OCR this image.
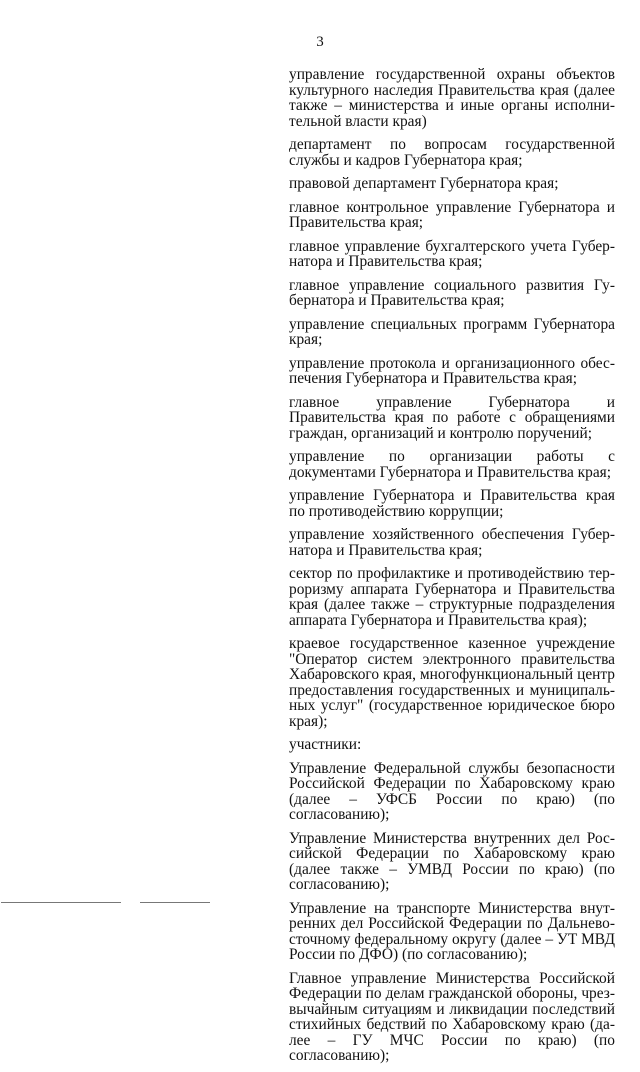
3
управление государственной охраны объектов культурного наследия Правительства края (далее также – министерства и иные органы исполнительной власти края)
департамент по вопросам государственной службы и кадров Губернатора края;
правовой департамент Губернатора края;
главное контрольное управление Губернатора и Правительства края;
главное управление бухгалтерского учета Губернатора и Правительства края;
главное управление социального развития Губернатора и Правительства края;
управление специальных программ Губернатора края;
управление протокола и организационного обеспечения Губернатора и Правительства края;
главное управление Губернатора и Правительства края по работе с обращениями граждан, организаций и контролю поручений;
управление по организации работы с документами Губернатора и Правительства края;
управление Губернатора и Правительства края по противодействию коррупции;
управление хозяйственного обеспечения Губернатора и Правительства края;
сектор по профилактике и противодействию терроризму аппарата Губернатора и Правительства края (далее также – структурные подразделения аппарата Губернатора и Правительства края);
краевое государственное казенное учреждение "Оператор систем электронного правительства Хабаровского края, многофункциональный центр предоставления государственных и муниципальных услуг" (государственное юридическое бюро края);
участники:
Управление Федеральной службы безопасности Российской Федерации по Хабаровскому краю (далее – УФСБ России по краю) (по согласованию);
Управление Министерства внутренних дел Российской Федерации по Хабаровскому краю (далее также – УМВД России по краю) (по согласованию);
Управление на транспорте Министерства внутренних дел Российской Федерации по Дальневосточному федеральному округу (далее – УТ МВД России по ДФО) (по согласованию);
Главное управление Министерства Российской Федерации по делам гражданской обороны, чрезвычайным ситуациям и ликвидации последствий стихийных бедствий по Хабаровскому краю (далее – ГУ МЧС России по краю) (по согласованию);
